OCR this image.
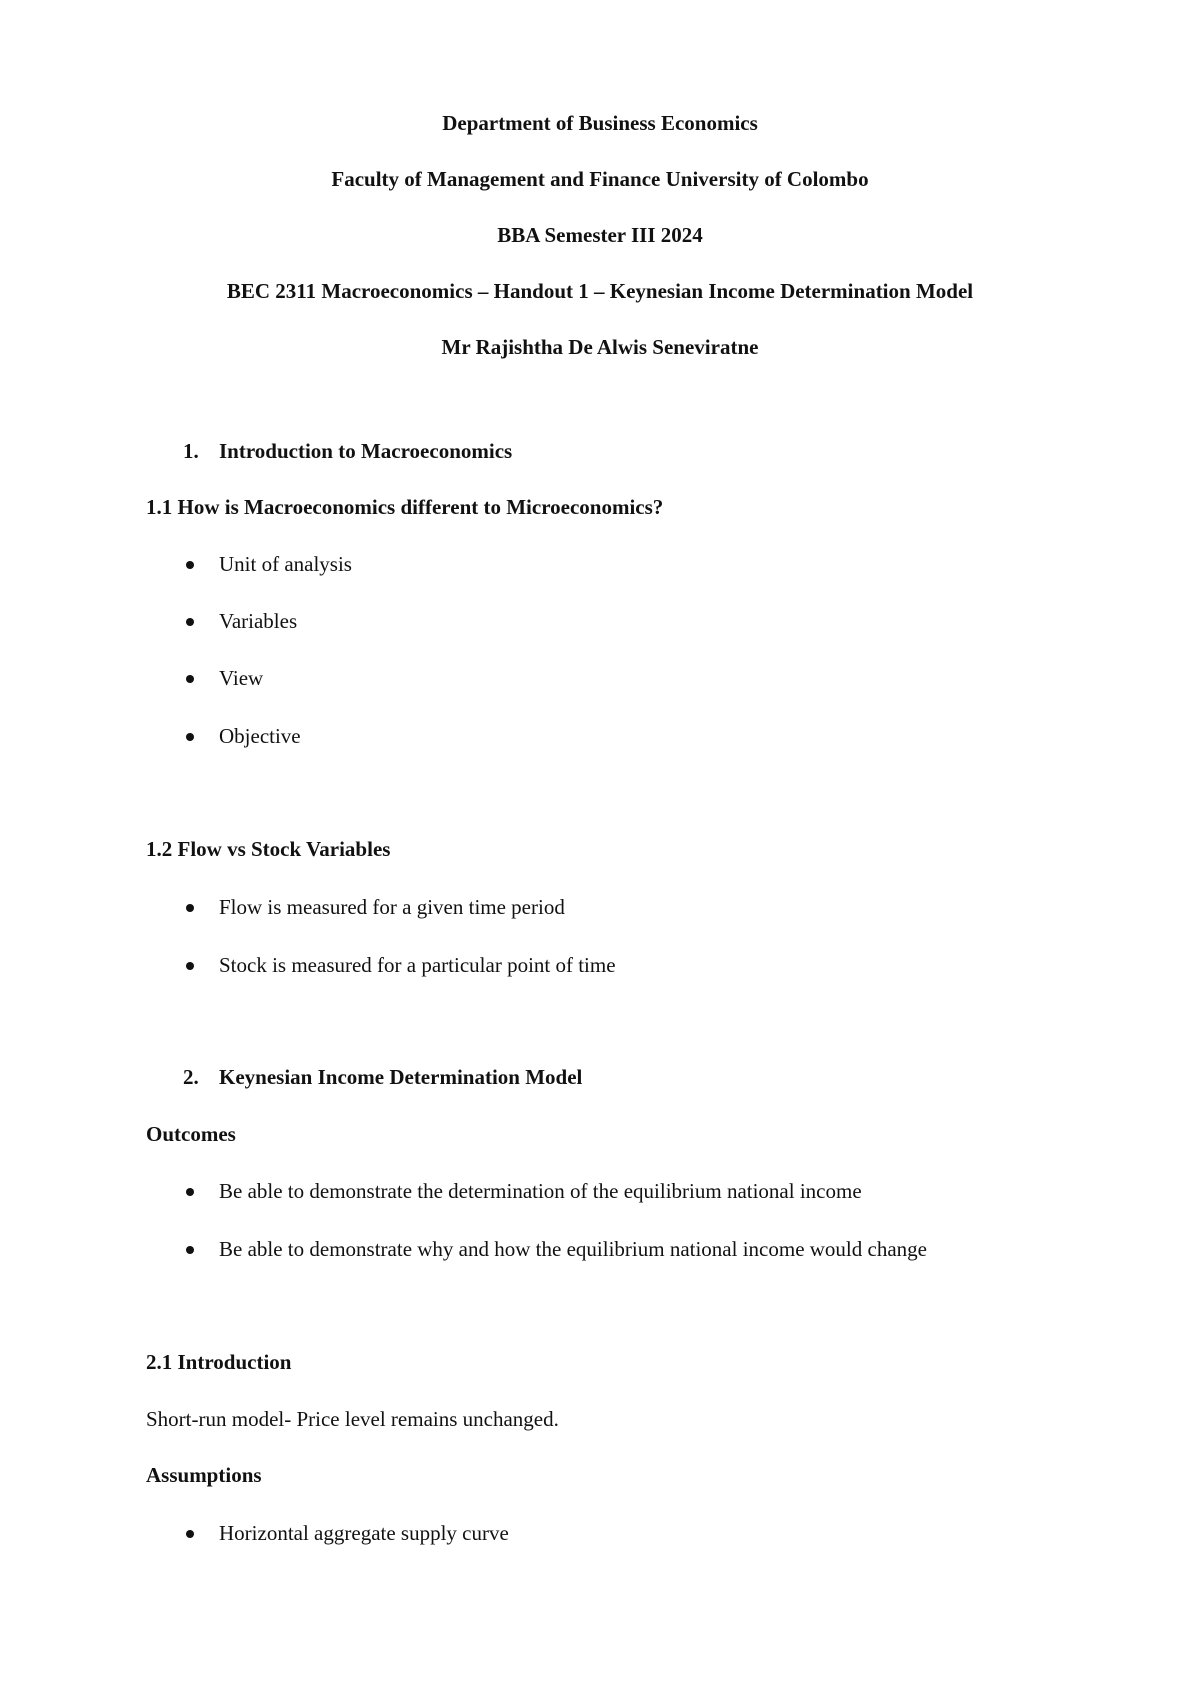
Department of Business Economics
Faculty of Management and Finance University of Colombo
BBA Semester III 2024
BEC 2311 Macroeconomics – Handout 1 – Keynesian Income Determination Model
Mr Rajishtha De Alwis Seneviratne
1. Introduction to Macroeconomics
1.1 How is Macroeconomics different to Microeconomics?
Unit of analysis
Variables
View
Objective
1.2 Flow vs Stock Variables
Flow is measured for a given time period
Stock is measured for a particular point of time
2. Keynesian Income Determination Model
Outcomes
Be able to demonstrate the determination of the equilibrium national income
Be able to demonstrate why and how the equilibrium national income would change
2.1 Introduction
Short-run model- Price level remains unchanged.
Assumptions
Horizontal aggregate supply curve
